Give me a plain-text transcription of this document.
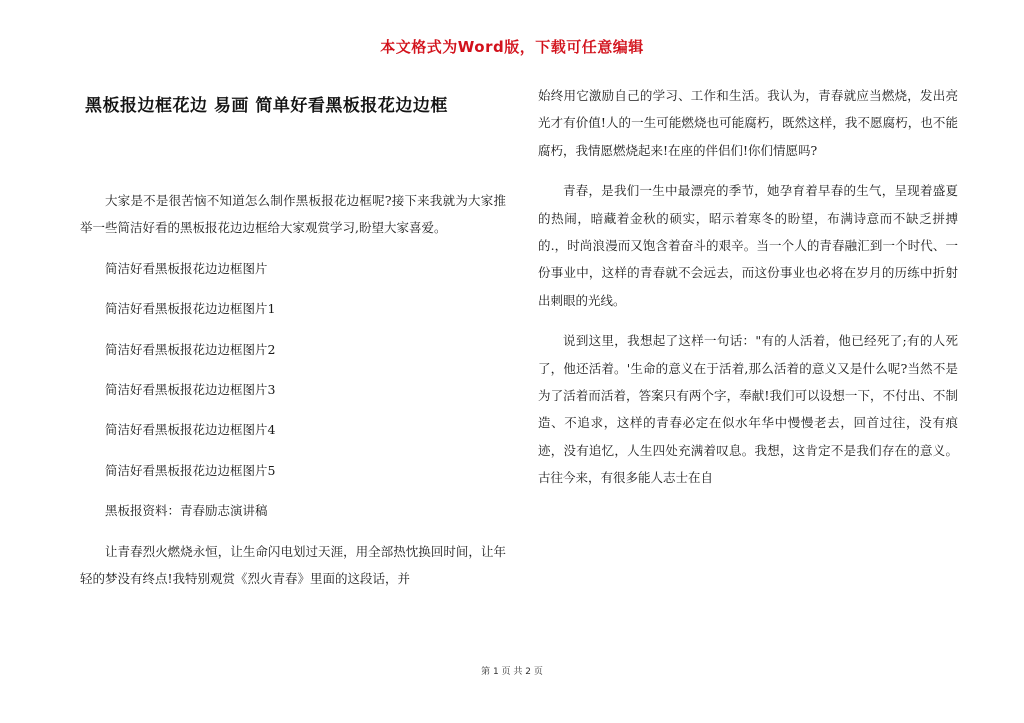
本文格式为Word版，下载可任意编辑
黑板报边框花边 易画 简单好看黑板报花边边框
大家是不是很苦恼不知道怎么制作黑板报花边框呢?接下来我就为大家推举一些简洁好看的黑板报花边边框给大家观赏学习,盼望大家喜爱。
简洁好看黑板报花边边框图片
简洁好看黑板报花边边框图片1
简洁好看黑板报花边边框图片2
简洁好看黑板报花边边框图片3
简洁好看黑板报花边边框图片4
简洁好看黑板报花边边框图片5
黑板报资料：青春励志演讲稿
让青春烈火燃烧永恒，让生命闪电划过天涯，用全部热忱换回时间，让年轻的梦没有终点!我特别观赏《烈火青春》里面的这段话，并
始终用它激励自己的学习、工作和生活。我认为，青春就应当燃烧，发出亮光才有价值!人的一生可能燃烧也可能腐朽，既然这样，我不愿腐朽，也不能腐朽，我情愿燃烧起来!在座的伴侣们!你们情愿吗?
青春，是我们一生中最漂亮的季节，她孕育着早春的生气，呈现着盛夏的热闹，暗藏着金秋的硕实，昭示着寒冬的盼望，布满诗意而不缺乏拼搏的.，时尚浪漫而又饱含着奋斗的艰辛。当一个人的青春融汇到一个时代、一份事业中，这样的青春就不会远去，而这份事业也必将在岁月的历练中折射出刺眼的光线。
说到这里，我想起了这样一句话："有的人活着，他已经死了;有的人死了，他还活着。'生命的意义在于活着,那么活着的意义又是什么呢?当然不是为了活着而活着，答案只有两个字，奉献!我们可以设想一下，不付出、不制造、不追求，这样的青春必定在似水年华中慢慢老去，回首过往，没有痕迹，没有追忆，人生四处充满着叹息。我想，这肯定不是我们存在的意义。古往今来，有很多能人志士在自
第 1 页 共 2 页
